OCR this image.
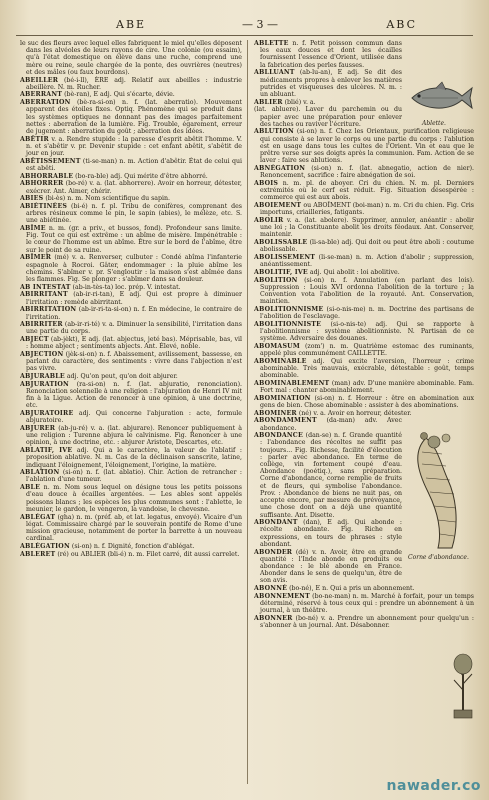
ABE	— 3 —	ABC
le suc des fleurs avec lequel elles fabriquent le miel qu'elles déposent dans les alvéoles de leurs rayons de cire. Une colonie (ou essaim), qu'à l'état domestique on élève dans une ruche, comprend une mère ou reine, seule chargée de la ponte, des ouvrières (neutres) et des mâles (ou faux bourdons).
ABEILLER (bé-i-ll), ÈRE adj. Relatif aux abeilles : industrie abeillère. N. m. Rucher.
ABERRANT (bè-ran), E adj. Qui s'écarte, dévie.
ABERRATION (bè-ra-si-on) n. f. (lat. aberratio). Mouvement apparent des étoiles fixes. Optiq. Phénomène qui se produit dans les systèmes optiques ne donnant pas des images parfaitement nettes : aberration de la lumière. Fig. Trouble, égarement, erreur de jugement : aberration du goût ; aberration des idées.
ABÊTIR v. a. Rendre stupide : la paresse d'esprit abêtit l'homme. V. n. et s'abêtir v. pr. Devenir stupide : cet enfant abêtit, s'abêtit de jour en jour.
ABÊTISSEMENT (ti-se-man) n. m. Action d'abêtir. État de celui qui est abêti.
ABHORRABLE (bo-ra-ble) adj. Qui mérite d'être abhorré.
ABHORRER (bo-ré) v. a. (lat. abhorrere). Avoir en horreur, détester, exécrer. Ant. Aimer, chérir.
ABIES (bi-ès) n. m. Nom scientifique du sapin.
ABIÉTINÉES (bi-é) n. f. pl. Tribu de conifères, comprenant des arbres résineux comme le pin, le sapin (abies), le mélèze, etc. S. une abiétinée.
ABÎME n. m. (gr. a priv., et bussos, fond). Profondeur sans limite. Fig. Tout ce qui est extrême : un abîme de misère. Impénétrable : le cœur de l'homme est un abîme. Être sur le bord de l'abîme, être sur le point de sa ruine.
ABÎMER (mé) v. a. Renverser, culbuter : Condé abîma l'infanterie espagnole à Rocroi. Gâter, endommager : la pluie abîme les chemins. S'abîmer v. pr. S'engloutir : la maison s'est abîmée dans les flammes. Fig. Se plonger : s'abîmer dans sa douleur.
AB INTESTAT (ab-in-tès-ta) loc. prép. V. intestat.
ABIRRITANT (ab-ir-ri-tan), E adj. Qui est propre à diminuer l'irritation : remède abirritant.
ABIRRITATION (ab-ir-ri-ta-si-on) n. f. En médecine, le contraire de l'irritation.
ABIRRITER (ab-ir-ri-té) v. a. Diminuer la sensibilité, l'irritation dans une partie du corps.
ABJECT (ab-jèkt), E adj. (lat. abjectus, jeté bas). Méprisable, bas, vil : homme abject ; sentiments abjects. Ant. Élevé, noble.
ABJECTION (jèk-si-on) n. f. Abaissement, avilissement, bassesse, en parlant du caractère, des sentiments : vivre dans l'abjection n'est pas vivre.
ABJURABLE adj. Qu'on peut, qu'on doit abjurer.
ABJURATION (ra-si-on) n. f. (lat. abjuratio, renonciation). Renonciation solennelle à une religion : l'abjuration de Henri IV mit fin à la Ligue. Action de renoncer à une opinion, à une doctrine, etc.
ABJURATOIRE adj. Qui concerne l'abjuration : acte, formule abjuratoire.
ABJURER (ab-ju-ré) v. a. (lat. abjurare). Renoncer publiquement à une religion : Turenne abjura le calvinisme. Fig. Renoncer à une opinion, à une doctrine, etc. : abjurer Aristote, Descartes, etc.
ABLATIF, IVE adj. Qui a le caractère, la valeur de l'ablatif : proposition ablative. N. m. Cas de la déclinaison sanscrite, latine, indiquant l'éloignement, l'éloignement, l'origine, la matière.
ABLATION (si-on) n. f. (lat. ablatio). Chir. Action de retrancher : l'ablation d'une tumeur.
ABLE n. m. Nom sous lequel on désigne tous les petits poissons d'eau douce à écailles argentées. — Les ables sont appelés poissons blancs ; les espèces les plus communes sont : l'ablette, le meunier, le gardon, le vengeron, la vandoise, le chevesne.
ABLÉGAT (gha) n. m. (préf. ab, et lat. legatus, envoyé). Vicaire d'un légat. Commissaire chargé par le souverain pontife de Rome d'une mission gracieuse, notamment de porter la barrette à un nouveau cardinal.
ABLÉGATION (si-on) n. f. Dignité, fonction d'ablégat.
ABLERET (ré) ou ABLIER (bli-é) n. m. Filet carré, dit aussi carrelet.
ABLETTE n. f. Petit poisson commun dans les eaux douces et dont les écailles fournissent l'essence d'Orient, utilisée dans la fabrication des perles fausses.
ABLLUANT (ab-lu-an), E adj. Se dit des médicaments propres à enlever les matières putrides et visqueuses des ulcères. N. m. : un abluant.
ABLIER (blié) v. a.
(lat. abluere). Laver du parchemin ou du papier avec une préparation pour enlever des taches ou raviver l'écriture.
ABLUTION (si-on) n. f. Chez les Orientaux, purification religieuse qui consiste à se laver le corps ou une partie du corps : l'ablution est en usage dans tous les cultes de l'Orient. Vin et eau que le prêtre verse sur ses doigts après la communion. Fam. Action de se laver : faire ses ablutions.
ABNÉGATION (si-on) n. f. (lat. abnegatio, action de nier). Renoncement, sacrifice : faire abnégation de soi.
ABOIS n. m. pl. de aboyer. Cri du chien. N. m. pl. Derniers extrémités où le cerf est réduit. Fig. Situation désespérée : commerce qui est aux abois.
ABOIEMENT ou ABOÎMENT (boi-man) n. m. Cri du chien. Fig. Cris importuns, criailleries, fatigants.
ABOLIR v. a. (lat. abolere). Supprimer, annuler, anéantir : abolir une loi ; la Constituante abolit les droits féodaux. Ant. Conserver, maintenir.
ABOLISSABLE (li-sa-ble) adj. Qui doit ou peut être aboli : coutume abolissable.
ABOLISSEMENT (li-se-man) n. m. Action d'abolir ; suppression, anéantissement.
ABOLITIF, IVE adj. Qui abolit : loi abolitive.
ABOLITION (si-on) n. f. Annulation (en parlant des lois). Suppression : Louis XVI ordonna l'abolition de la torture ; la Convention vota l'abolition de la royauté. Ant. Conservation, maintien.
ABOLITIONNISME (si-o-nis-me) n. m. Doctrine des partisans de l'abolition de l'esclavage.
ABOLITIONNISTE (si-o-nis-te) adj. Qui se rapporte à l'abolitionnisme : système abolitionniste. N. Partisan de ce système. Adversaire des douanes.
ABOMASUM (zom') n. m. Quatrième estomac des ruminants, appelé plus communément CAILLETTE.
ABOMINABLE adj. Qui excite l'aversion, l'horreur : crime abominable. Très mauvais, exécrable, détestable : goût, temps abominable.
ABOMINABLEMENT (man) adv. D'une manière abominable. Fam. Fort mal : chanter abominablement.
ABOMINATION (si-on) n. f. Horreur : être en abomination aux gens de bien. Chose abominable : assister à des abominations.
ABOMINER (né) v. a. Avoir en horreur, détester.
ABONDAMMENT (da-man) adv. Avec abondance.
ABONDANCE (dan-se) n. f. Grande quantité : l'abondance des récoltes ne suffit pas toujours... Fig. Richesse, facilité d'élocution : parler avec abondance. En terme de collège, vin fortement coupé d'eau. Abondance (poétiq.), sans préparation. Corne d'abondance, corne remplie de fruits et de fleurs, qui symbolise l'abondance. Prov. : Abondance de biens ne nuit pas, on accepte encore, par mesure de prévoyance, une chose dont on a déjà une quantité suffisante. Ant. Disette.
ABONDANT (dan), E adj. Qui abonde : récolte abondante. Fig. Riche en expressions, en tours de phrases : style abondant.
ABONDER (dé) v. n. Avoir, être en grande quantité : l'Inde abonde en produits ou abondance : le blé abonde en France. Abonder dans le sens de quelqu'un, être de son avis.
ABONNÉ (bo-né), E n. Qui a pris un abonnement.
ABONNEMENT (bo-ne-man) n. m. Marché à forfait, pour un temps déterminé, réservé à tous ceux qui : prendre un abonnement à un journal, à un théâtre.
ABONNER (bo-né) v. a. Prendre un abonnement pour quelqu'un : s'abonner à un journal. Ant. Désabonner.
Ablette.
Corne d'abondance.
nawader.co
